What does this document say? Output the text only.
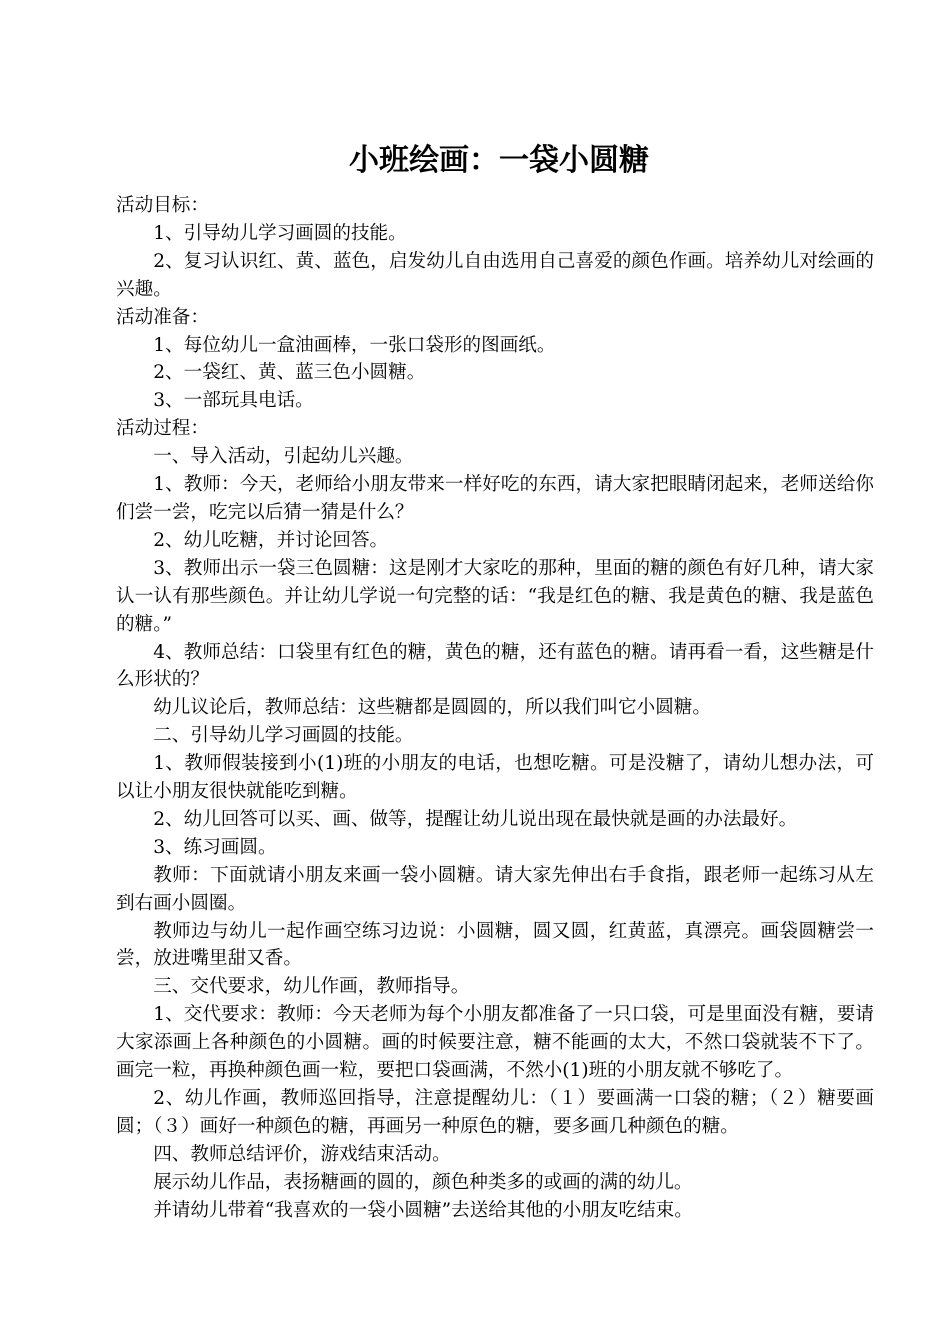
小班绘画：一袋小圆糖

活动目标：

1、引导幼儿学习画圆的技能。

2、复习认识红、黄、蓝色，启发幼儿自由选用自己喜爱的颜色作画。培养幼儿对绘画的兴趣。

活动准备：

1、每位幼儿一盒油画棒，一张口袋形的图画纸。

2、一袋红、黄、蓝三色小圆糖。

3、一部玩具电话。

活动过程：

一、导入活动，引起幼儿兴趣。

1、教师：今天，老师给小朋友带来一样好吃的东西，请大家把眼睛闭起来，老师送给你们尝一尝，吃完以后猜一猜是什么？

2、幼儿吃糖，并讨论回答。

3、教师出示一袋三色圆糖：这是刚才大家吃的那种，里面的糖的颜色有好几种，请大家认一认有那些颜色。并让幼儿学说一句完整的话：“我是红色的糖、我是黄色的糖、我是蓝色的糖。”

4、教师总结：口袋里有红色的糖，黄色的糖，还有蓝色的糖。请再看一看，这些糖是什么形状的？

幼儿议论后，教师总结：这些糖都是圆圆的，所以我们叫它小圆糖。

二、引导幼儿学习画圆的技能。

1、教师假装接到小(1)班的小朋友的电话，也想吃糖。可是没糖了，请幼儿想办法，可以让小朋友很快就能吃到糖。

2、幼儿回答可以买、画、做等，提醒让幼儿说出现在最快就是画的办法最好。

3、练习画圆。

教师：下面就请小朋友来画一袋小圆糖。请大家先伸出右手食指，跟老师一起练习从左到右画小圆圈。

教师边与幼儿一起作画空练习边说：小圆糖，圆又圆，红黄蓝，真漂亮。画袋圆糖尝一尝，放进嘴里甜又香。

三、交代要求，幼儿作画，教师指导。

1、交代要求：教师：今天老师为每个小朋友都准备了一只口袋，可是里面没有糖，要请大家添画上各种颜色的小圆糖。画的时候要注意，糖不能画的太大，不然口袋就装不下了。画完一粒，再换种颜色画一粒，要把口袋画满，不然小(1)班的小朋友就不够吃了。

2、幼儿作画，教师巡回指导，注意提醒幼儿：（１）要画满一口袋的糖；（２）糖要画圆；（３）画好一种颜色的糖，再画另一种原色的糖，要多画几种颜色的糖。

四、教师总结评价，游戏结束活动。

展示幼儿作品，表扬糖画的圆的，颜色种类多的或画的满的幼儿。

并请幼儿带着“我喜欢的一袋小圆糖”去送给其他的小朋友吃结束。
